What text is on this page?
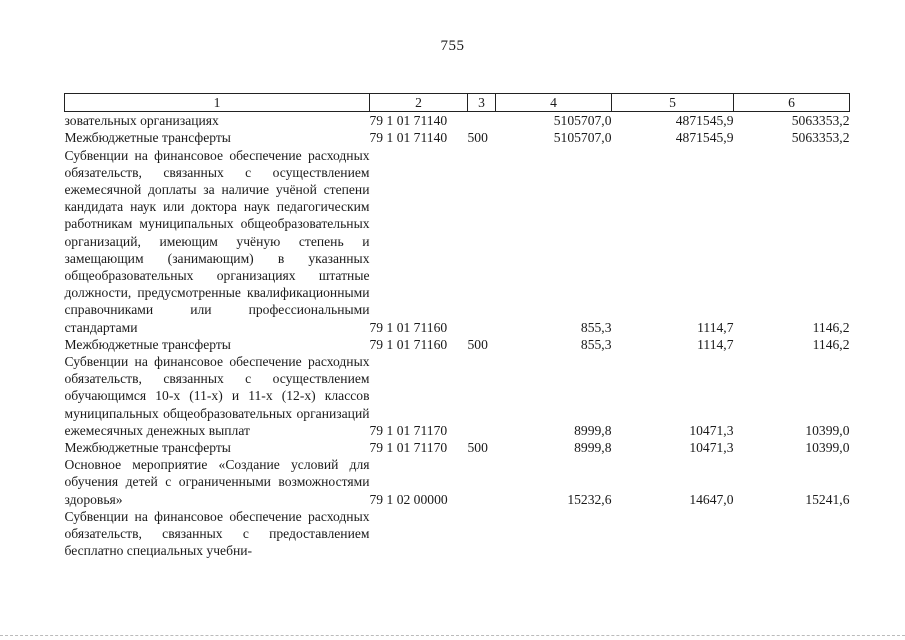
755
1	2	3	4	5	6
зовательных организациях	79 1 01 71140		5105707,0	4871545,9	5063353,2
Межбюджетные трансферты	79 1 01 71140	500	5105707,0	4871545,9	5063353,2
Субвенции на финансовое обеспечение расходных обязательств, связанных с осуществлением ежемесячной доплаты за наличие учёной степени кандидата наук или доктора наук педагогическим работникам муниципальных общеобразовательных организаций, имеющим учёную степень и замещающим (занимающим) в указанных общеобразовательных организациях штатные должности, предусмотренные квалификационными справочниками или профессиональными стандартами	79 1 01 71160		855,3	1114,7	1146,2
Межбюджетные трансферты	79 1 01 71160	500	855,3	1114,7	1146,2
Субвенции на финансовое обеспечение расходных обязательств, связанных с осуществлением обучающимся 10-х (11-х) и 11-х (12-х) классов муниципальных общеобразовательных организаций ежемесячных денежных выплат	79 1 01 71170		8999,8	10471,3	10399,0
Межбюджетные трансферты	79 1 01 71170	500	8999,8	10471,3	10399,0
Основное мероприятие «Создание условий для обучения детей с ограниченными возможностями здоровья»	79 1 02 00000		15232,6	14647,0	15241,6
Субвенции на финансовое обеспечение расходных обязательств, связанных с предоставлением бесплатно специальных учебни-					
